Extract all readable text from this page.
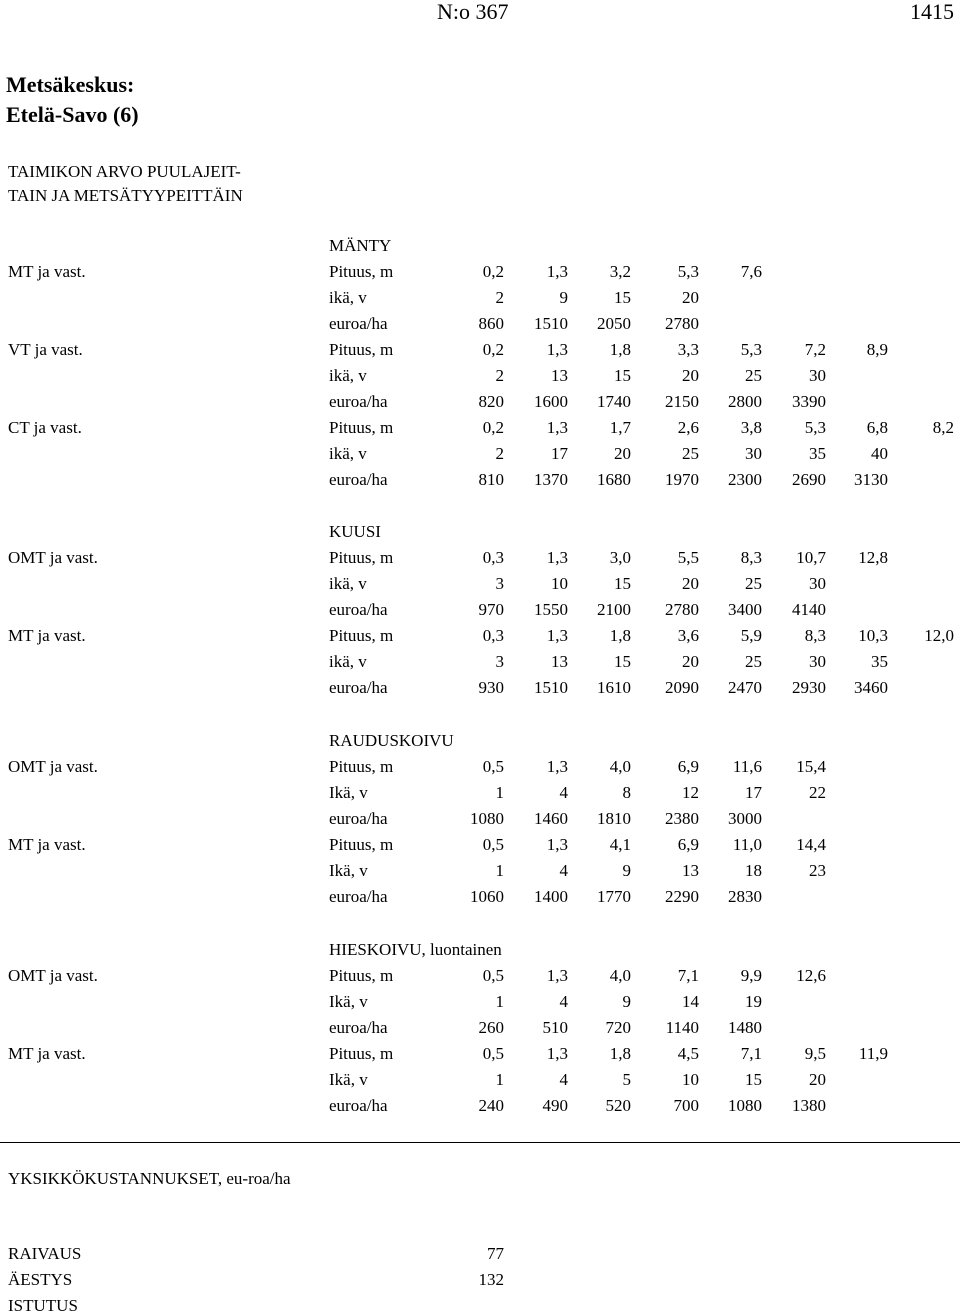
N:o 367	1415
Metsäkeskus:
Etelä-Savo (6)
TAIMIKON ARVO PUULAJEIT-
TAIN JA METSÄTYYPEITTÄIN
MÄNTY
MT ja vast.	Pituus, m	0,2	1,3 3,2	5,3 7,6
ikä, v	2	9	15	20
euroa/ha	860 1510 2050 2780
VT ja vast.	Pituus, m	0,2	1,3 1,8	3,3 5,3	7,2 8,9
ikä, v	2	13	15	20	25	30
euroa/ha	820 1600 1740 2150 2800 3390
CT ja vast.	Pituus, m	0,2	1,3 1,7	2,6 3,8	5,3 6,8	8,2
ikä, v	2	17	20	25	30	35	40
euroa/ha	810 1370 1680 1970 2300 2690 3130
KUUSI
OMT ja vast.	Pituus, m	0,3	1,3 3,0	5,5 8,3 10,7 12,8
ikä, v	3	10	15	20	25	30
euroa/ha	970 1550 2100 2780 3400 4140
MT ja vast.	Pituus, m	0,3	1,3 1,8	3,6 5,9	8,3 10,3 12,0
ikä, v	3	13	15	20	25	30	35
euroa/ha	930 1510 1610 2090 2470 2930 3460
RAUDUSKOIVU
OMT ja vast.	Pituus, m	0,5	1,3 4,0	6,9 11,6 15,4
Ikä, v	1	4	8	12	17	22
euroa/ha	1080 1460 1810 2380 3000
MT ja vast.	Pituus, m	0,5	1,3 4,1	6,9 11,0 14,4
Ikä, v	1	4	9	13	18	23
euroa/ha	1060 1400 1770 2290 2830
HIESKOIVU, luontainen
OMT ja vast.	Pituus, m	0,5	1,3 4,0	7,1 9,9 12,6
Ikä, v	1	4	9	14	19
euroa/ha	260 510 720 1140 1480
MT ja vast.	Pituus, m	0,5	1,3 1,8	4,5 7,1	9,5 11,9
Ikä, v	1	4	5	10	15	20
euroa/ha	240 490 520	700 1080 1380
YKSIKKÖKUSTANNUKSET, eu-roa/ha
RAIVAUS	77
ÄESTYS	132
ISTUTUS
